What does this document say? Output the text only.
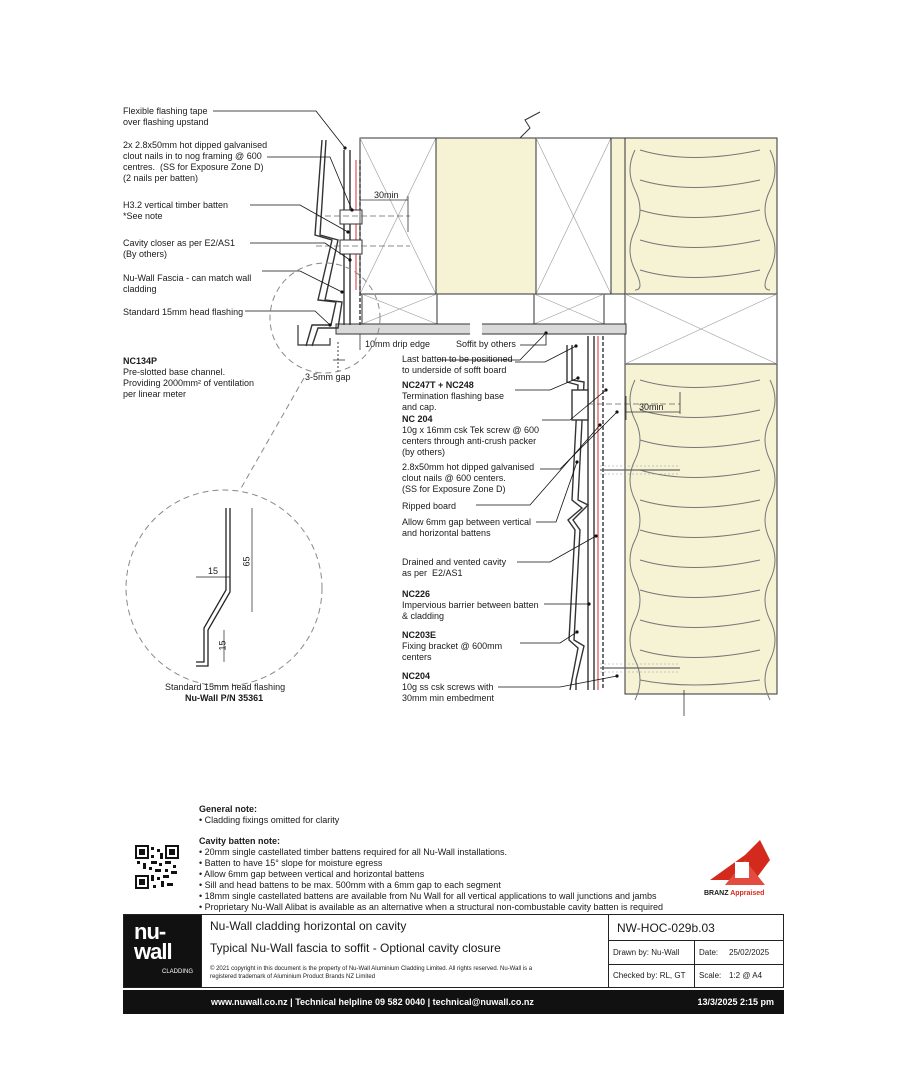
Flexible flashing tape
over flashing upstand
2x 2.8x50mm hot dipped galvanised
clout nails in to nog framing @ 600
centres.  (SS for Exposure Zone D)
(2 nails per batten)
H3.2 vertical timber batten
*See note
Cavity closer as per E2/AS1
(By others)
Nu-Wall Fascia - can match wall
cladding
Standard 15mm head flashing
NC134P
Pre-slotted base channel.
Providing 2000mm² of ventilation
per linear meter
30min
10mm drip edge	Soffit by others
3-5mm gap
Last batten to be positioned
to underside of sofft board
NC247T + NC248
Termination flashing base
and cap.
NC 204
10g x 16mm csk Tek screw @ 600
centers through anti-crush packer
(by others)
30min
2.8x50mm hot dipped galvanised
clout nails @ 600 centers.
(SS for Exposure Zone D)
Ripped board
Allow 6mm gap between vertical
and horizontal battens
Drained and vented cavity
as per  E2/AS1
NC226
Impervious barrier between batten
& cladding
NC203E
Fixing bracket @ 600mm
centers
NC204
10g ss csk screws with
30mm min embedment
15
65
15
Standard 15mm head flashing
Nu-Wall P/N 35361
General note:
• Cladding fixings omitted for clarity
Cavity batten note:
• 20mm single castellated timber battens required for all Nu-Wall installations.
• Batten to have 15° slope for moisture egress
• Allow 6mm gap between vertical and horizontal battens
• Sill and head battens to be max. 500mm with a 6mm gap to each segment
• 18mm single castellated battens are available from Nu Wall for all vertical applications to wall junctions and jambs
• Proprietary Nu-Wall Alibat is available as an alternative when a structural non-combustable cavity batten is required
BRANZ Appraised
nu-
wall
CLADDING
Nu-Wall cladding horizontal on cavity
Typical Nu-Wall fascia to soffit - Optional cavity closure
© 2021 copyright in this document is the property of Nu-Wall Aluminium Cladding Limited. All rights reserved. Nu-Wall is a
registered trademark of Aluminium Product Brands NZ Limited
NW-HOC-029b.03
Drawn by: Nu-Wall Date: 25/02/2025
Checked by: RL, GT Scale: 1:2 @ A4
www.nuwall.co.nz | Technical helpline 09 582 0040 | technical@nuwall.co.nz	13/3/2025 2:15 pm
